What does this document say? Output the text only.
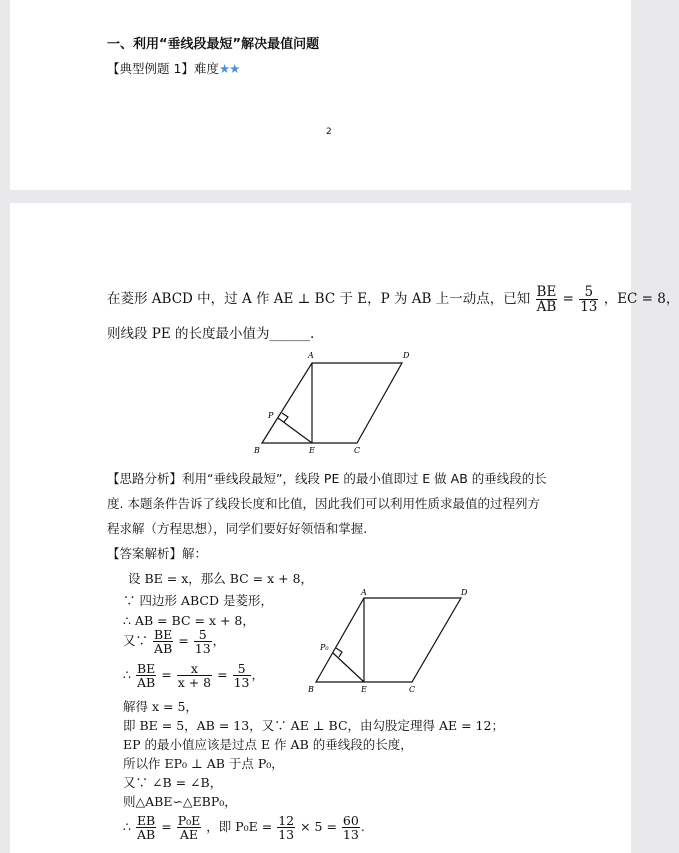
一、利用“垂线段最短”解决最值问题
【典型例题 1】难度★★
2
在菱形 ABCD 中，过 A 作 AE ⊥ BC 于 E，P 为 AB 上一动点，已知 $\frac{BE}{AB} = \frac{5}{13}$ ，EC = 8，
则线段 PE 的长度最小值为______.
A	D
B	E	C
P
【思路分析】利用“垂线段最短”，线段 PE 的最小值即过 E 做 AB 的垂线段的长
度. 本题条件告诉了线段长度和比值，因此我们可以利用性质求最值的过程列方
程求解（方程思想），同学们要好好领悟和掌握.
【答案解析】解：
设 BE = x，那么 BC = x + 8，
∵ 四边形 ABCD 是菱形，
∴ AB = BC = x + 8，
又∵ $\frac{BE}{AB} = \frac{5}{13}$ ，
∴ $\frac{BE}{AB} = \frac{x}{x + 8} = \frac{5}{13}$ ，
解得 x = 5，
即 BE = 5，AB = 13，又∵ AE ⊥ BC，由勾股定理得 AE = 12；
EP 的最小值应该是过点 E 作 AB 的垂线段的长度，
所以作 EP₀ ⊥ AB 于点 P₀，
又∵ ∠B = ∠B，
则△ABE∽△EBP₀，
∴ $\frac{EB}{AB} = \frac{\text{P₀E}}{AE}$ ，即 $P_0E = \frac{12}{13} \times 5 = \frac{60}{13}$ .
A	D
B	E	C
P₀
